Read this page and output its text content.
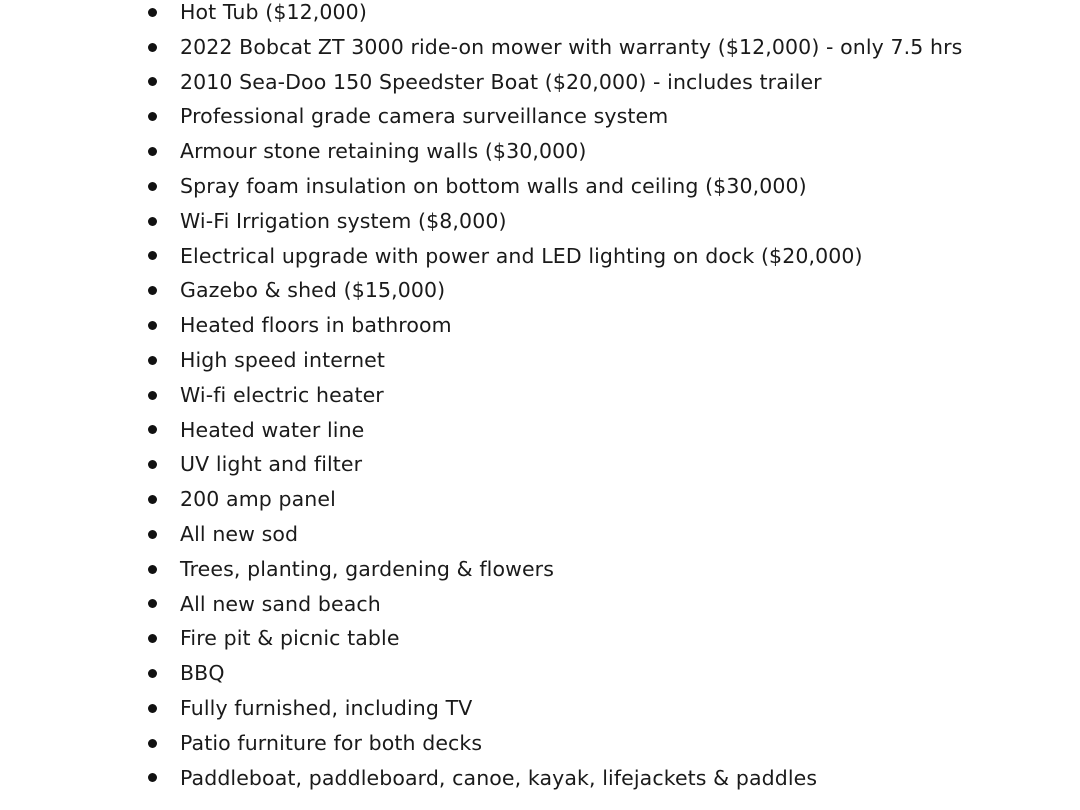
Hot Tub ($12,000)
2022 Bobcat ZT 3000 ride-on mower with warranty ($12,000) - only 7.5 hrs
2010 Sea-Doo 150 Speedster Boat ($20,000) - includes trailer
Professional grade camera surveillance system
Armour stone retaining walls ($30,000)
Spray foam insulation on bottom walls and ceiling ($30,000)
Wi-Fi Irrigation system ($8,000)
Electrical upgrade with power and LED lighting on dock ($20,000)
Gazebo & shed ($15,000)
Heated floors in bathroom
High speed internet
Wi-fi electric heater
Heated water line
UV light and filter
200 amp panel
All new sod
Trees, planting, gardening & flowers
All new sand beach
Fire pit & picnic table
BBQ
Fully furnished, including TV
Patio furniture for both decks
Paddleboat, paddleboard, canoe, kayak, lifejackets & paddles
